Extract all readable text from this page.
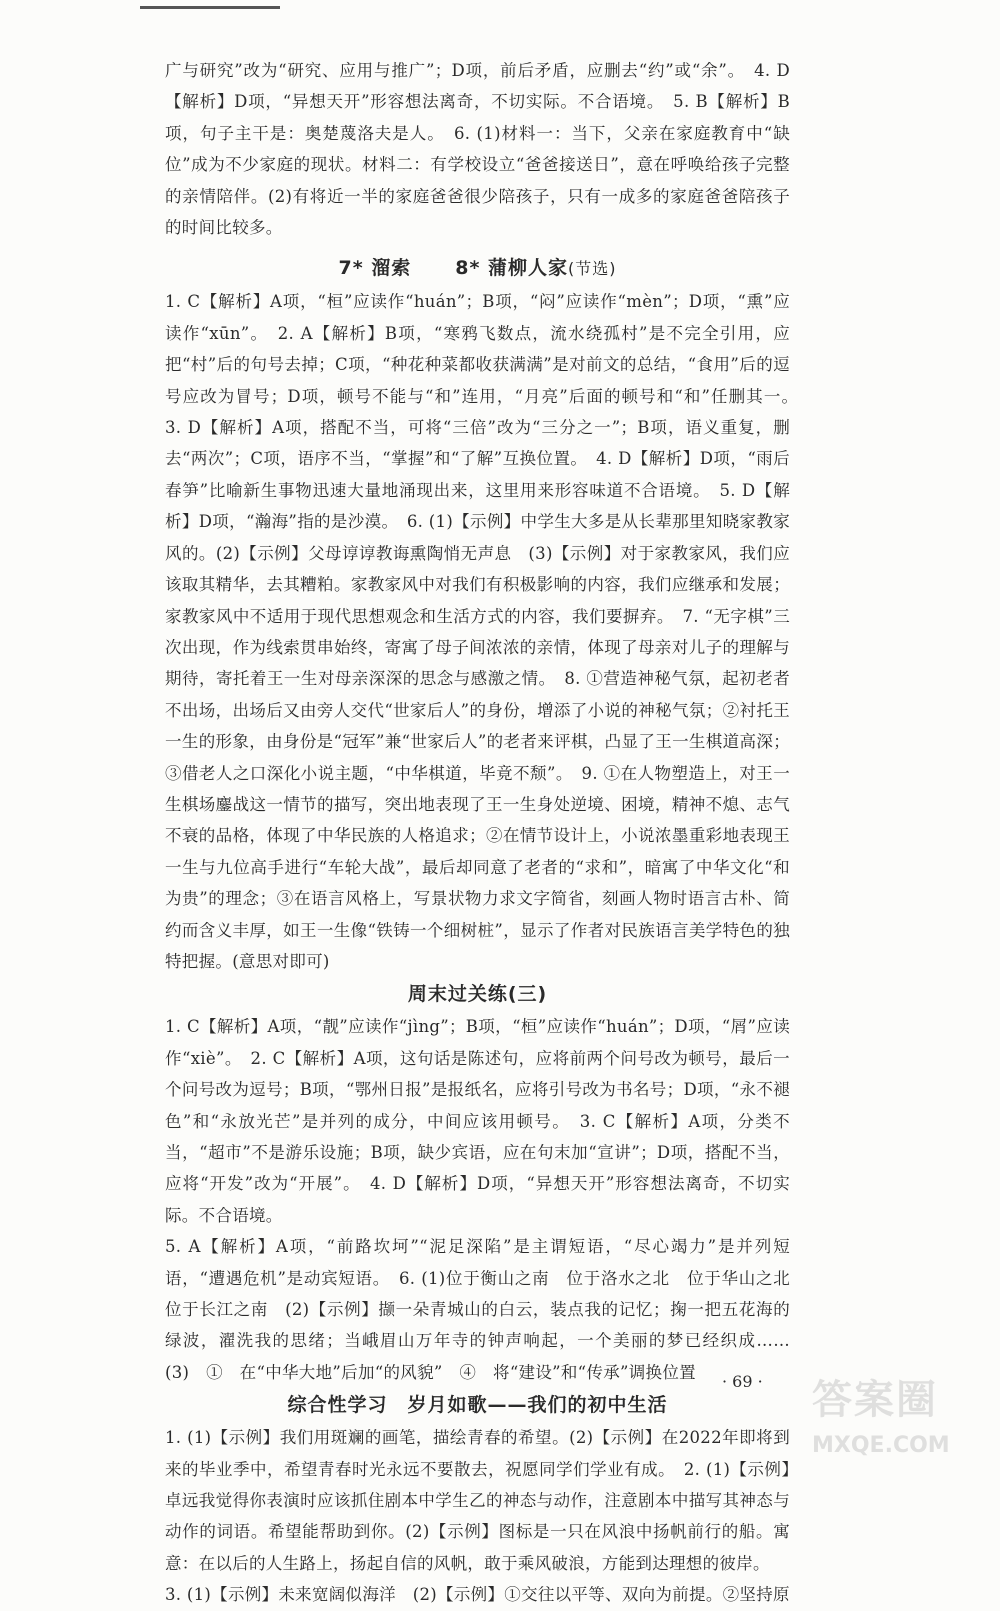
广与研究”改为“研究、应用与推广”；D项，前后矛盾，应删去“约”或“余”。　4. D【解析】D项，“异想天开”形容想法离奇，不切实际。不合语境。　5. B【解析】B项，句子主干是：奥楚蔑洛夫是人。　6. (1)材料一：当下，父亲在家庭教育中“缺位”成为不少家庭的现状。材料二：有学校设立“爸爸接送日”，意在呼唤给孩子完整的亲情陪伴。(2)有将近一半的家庭爸爸很少陪孩子，只有一成多的家庭爸爸陪孩子的时间比较多。

7* 溜索 8* 蒲柳人家(节选)

1. C【解析】A项，“桓”应读作“huán”；B项，“闷”应读作“mèn”；D项，“熏”应读作“xūn”。　2. A【解析】B项，“寒鸦飞数点，流水绕孤村”是不完全引用，应把“村”后的句号去掉；C项，“种花种菜都收获满满”是对前文的总结，“食用”后的逗号应改为冒号；D项，顿号不能与“和”连用，“月亮”后面的顿号和“和”任删其一。　3. D【解析】A项，搭配不当，可将“三倍”改为“三分之一”；B项，语义重复，删去“两次”；C项，语序不当，“掌握”和“了解”互换位置。　4. D【解析】D项，“雨后春笋”比喻新生事物迅速大量地涌现出来，这里用来形容味道不合语境。　5. D【解析】D项，“瀚海”指的是沙漠。　6. (1)【示例】中学生大多是从长辈那里知晓家教家风的。(2)【示例】父母谆谆教诲熏陶悄无声息　(3)【示例】对于家教家风，我们应该取其精华，去其糟粕。家教家风中对我们有积极影响的内容，我们应继承和发展；家教家风中不适用于现代思想观念和生活方式的内容，我们要摒弃。　7. “无字棋”三次出现，作为线索贯串始终，寄寓了母子间浓浓的亲情，体现了母亲对儿子的理解与期待，寄托着王一生对母亲深深的思念与感激之情。　8. ①营造神秘气氛，起初老者不出场，出场后又由旁人交代“世家后人”的身份，增添了小说的神秘气氛；②衬托王一生的形象，由身份是“冠军”兼“世家后人”的老者来评棋，凸显了王一生棋道高深；③借老人之口深化小说主题，“中华棋道，毕竟不颓”。　9. ①在人物塑造上，对王一生棋场鏖战这一情节的描写，突出地表现了王一生身处逆境、困境，精神不熄、志气不衰的品格，体现了中华民族的人格追求；②在情节设计上，小说浓墨重彩地表现王一生与九位高手进行“车轮大战”，最后却同意了老者的“求和”，暗寓了中华文化“和为贵”的理念；③在语言风格上，写景状物力求文字简省，刻画人物时语言古朴、简约而含义丰厚，如王一生像“铁铸一个细树桩”，显示了作者对民族语言美学特色的独特把握。(意思对即可)

周末过关练(三)

1. C【解析】A项，“靓”应读作“jìng”；B项，“桓”应读作“huán”；D项，“屑”应读作“xiè”。　2. C【解析】A项，这句话是陈述句，应将前两个问号改为顿号，最后一个问号改为逗号；B项，“鄂州日报”是报纸名，应将引号改为书名号；D项，“永不褪色”和“永放光芒”是并列的成分，中间应该用顿号。　3. C【解析】A项，分类不当，“超市”不是游乐设施；B项，缺少宾语，应在句末加“宣讲”；D项，搭配不当，应将“开发”改为“开展”。　4. D【解析】D项，“异想天开”形容想法离奇，不切实际。不合语境。

5. A【解析】A项，“前路坎坷”“泥足深陷”是主谓短语，“尽心竭力”是并列短语，“遭遇危机”是动宾短语。　6. (1)位于衡山之南　位于洛水之北　位于华山之北　位于长江之南　(2)【示例】撷一朵青城山的白云，装点我的记忆；掬一把五花海的绿波，濯洗我的思绪；当峨眉山万年寺的钟声响起，一个美丽的梦已经织成……　(3)　①　在“中华大地”后加“的风貌”　④　将“建设”和“传承”调换位置

综合性学习　岁月如歌——我们的初中生活

1. (1)【示例】我们用斑斓的画笔，描绘青春的希望。(2)【示例】在2022年即将到来的毕业季中，希望青春时光永远不要散去，祝愿同学们学业有成。　2. (1)【示例】卓远我觉得你表演时应该抓住剧本中学生乙的神态与动作，注意剧本中描写其神态与动作的词语。希望能帮助到你。(2)【示例】图标是一只在风浪中扬帆前行的船。寓意：在以后的人生路上，扬起自信的风帆，敢于乘风破浪，方能到达理想的彼岸。

3. (1)【示例】未来宽阔似海洋　(2)【示例】①交往以平等、双向为前提。②坚持原

· 69 · 答案圈
MXQE.COM
